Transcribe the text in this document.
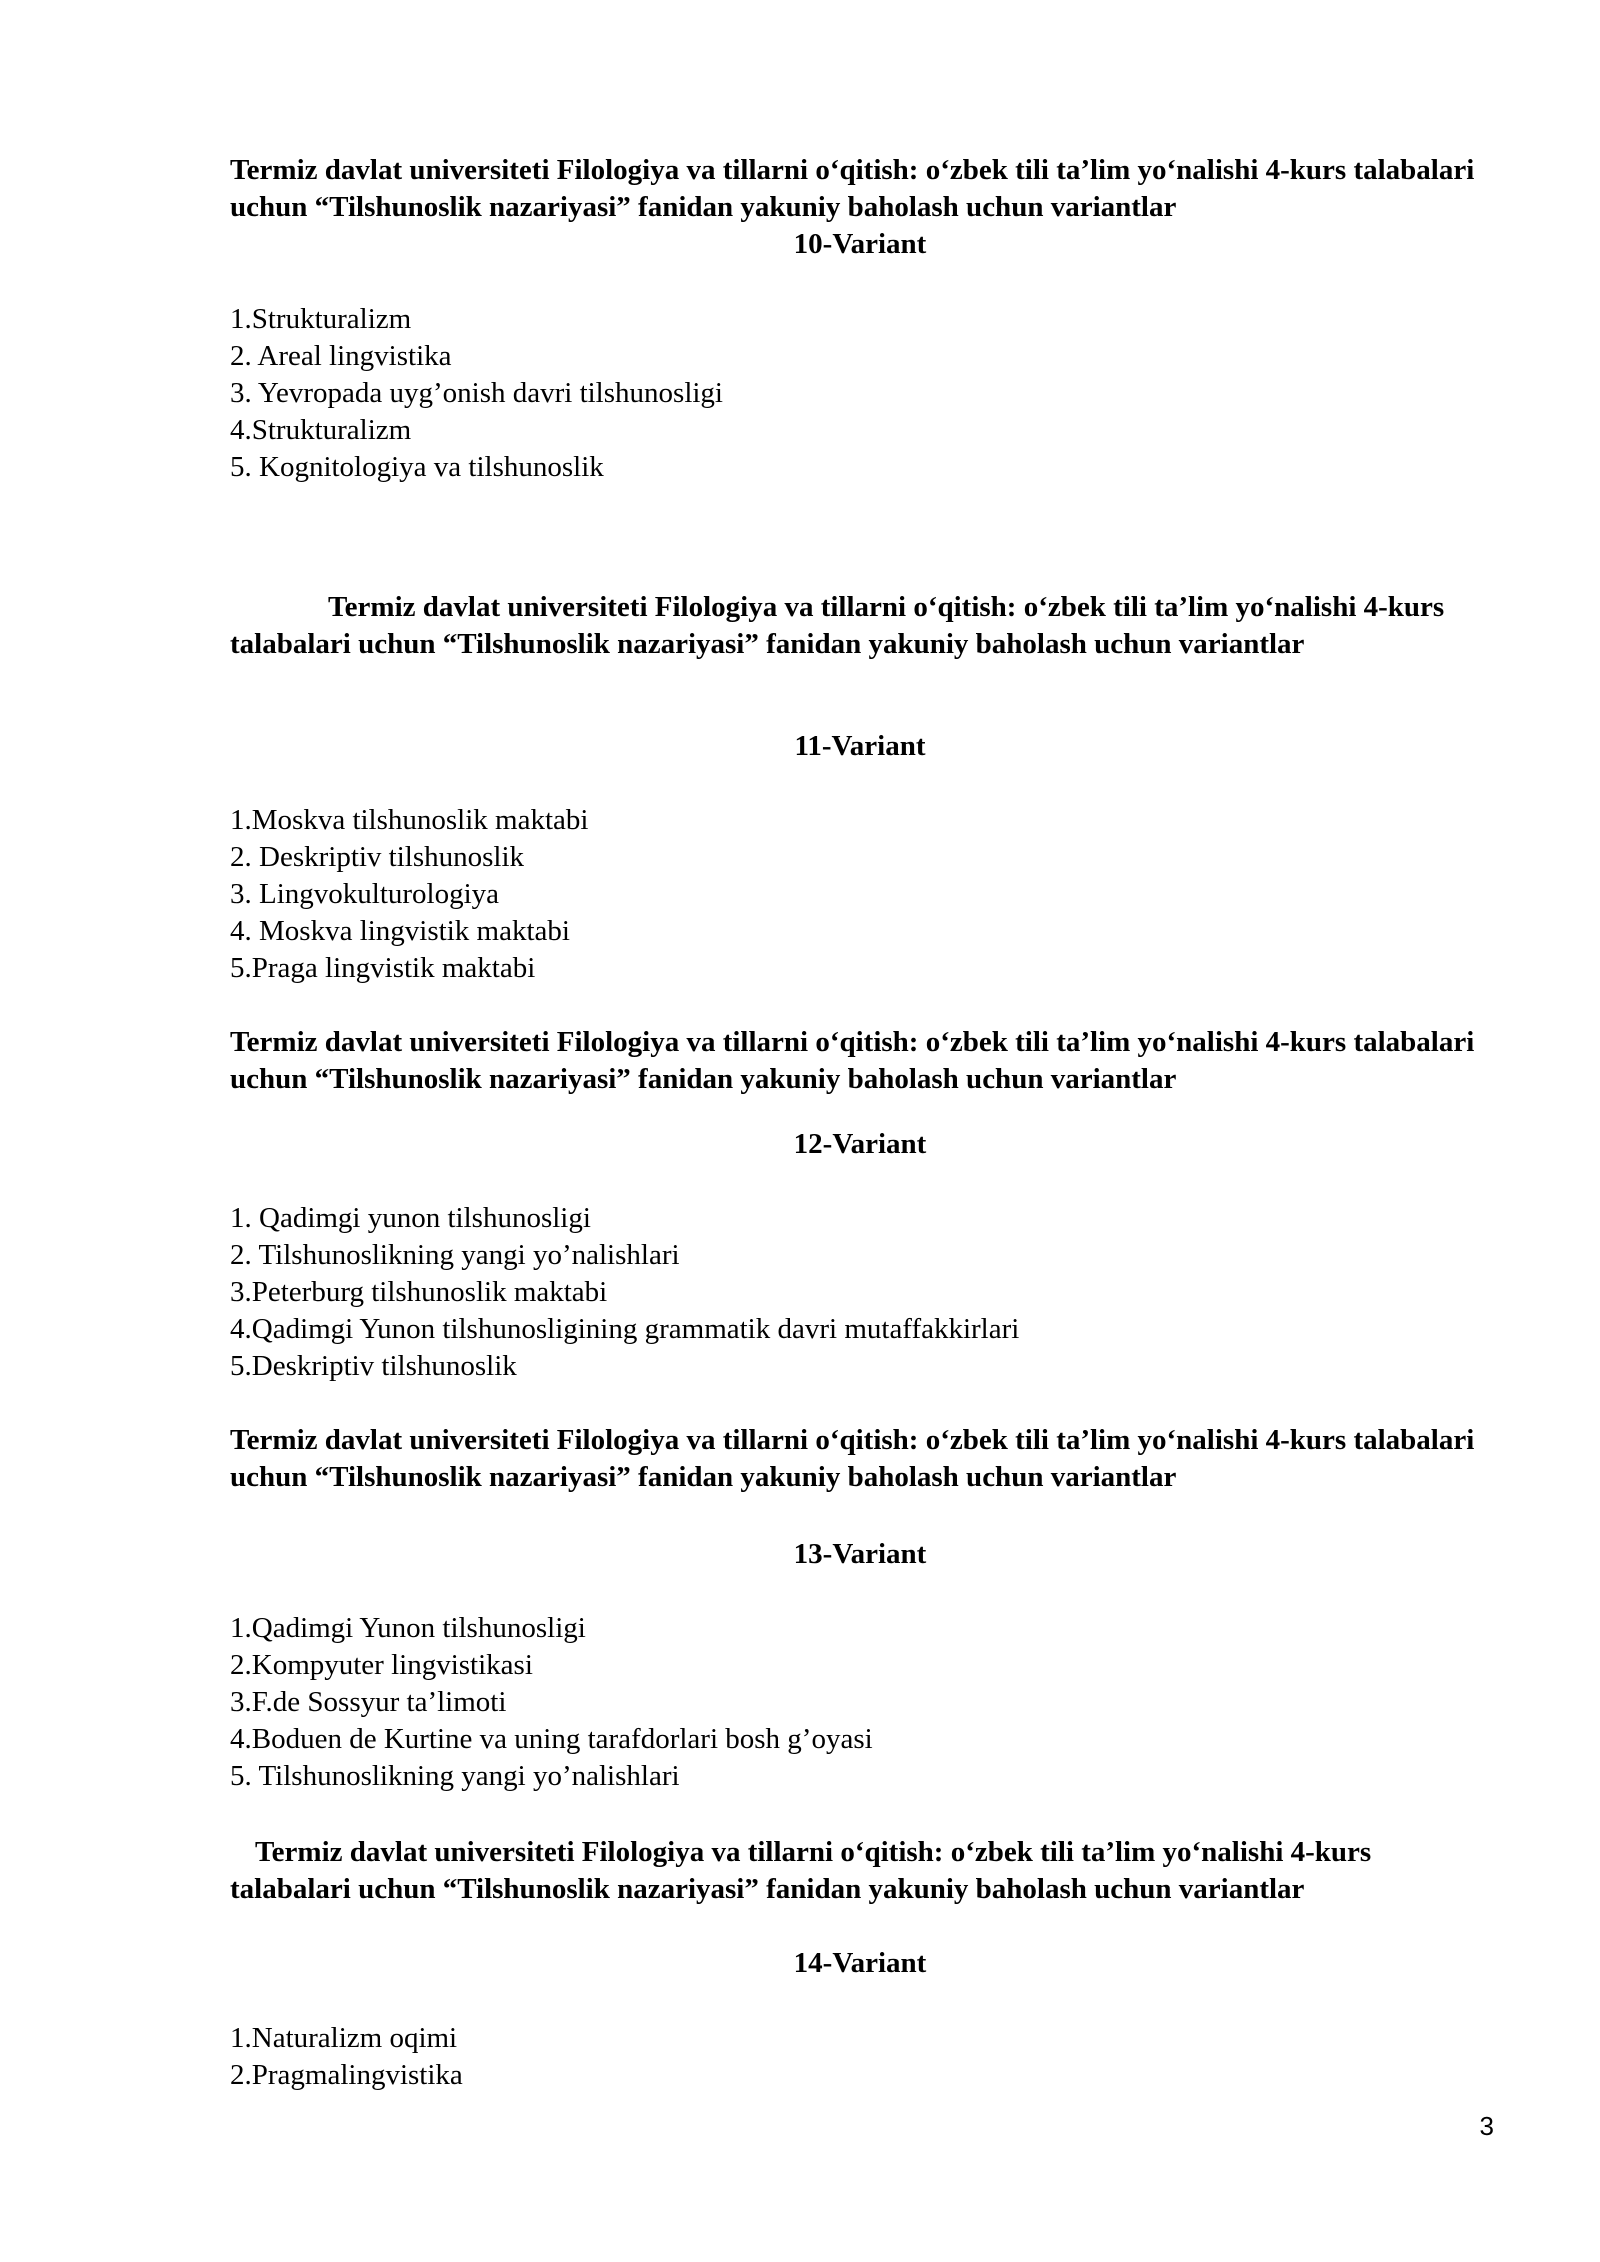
Termiz davlat universiteti Filologiya va tillarni o‘qitish: o‘zbek tili ta’lim yo‘nalishi 4-kurs talabalari uchun “Tilshunoslik nazariyasi” fanidan yakuniy baholash uchun variantlar

10-Variant

1.Strukturalizm
2. Areal lingvistika
3. Yevropada uyg’onish davri tilshunosligi
4.Strukturalizm
5. Kognitologiya va tilshunoslik

Termiz davlat universiteti Filologiya va tillarni o‘qitish: o‘zbek tili ta’lim yo‘nalishi 4-kurs talabalari uchun “Tilshunoslik nazariyasi” fanidan yakuniy baholash uchun variantlar

11-Variant

1.Moskva tilshunoslik maktabi
2. Deskriptiv tilshunoslik
3. Lingvokulturologiya
4. Moskva lingvistik maktabi
5.Praga lingvistik maktabi

Termiz davlat universiteti Filologiya va tillarni o‘qitish: o‘zbek tili ta’lim yo‘nalishi 4-kurs talabalari uchun “Tilshunoslik nazariyasi” fanidan yakuniy baholash uchun variantlar

12-Variant

1. Qadimgi yunon tilshunosligi
2. Tilshunoslikning yangi yo’nalishlari
3.Peterburg tilshunoslik maktabi
4.Qadimgi Yunon tilshunosligining grammatik davri mutaffakkirlari
5.Deskriptiv tilshunoslik

Termiz davlat universiteti Filologiya va tillarni o‘qitish: o‘zbek tili ta’lim yo‘nalishi 4-kurs talabalari uchun “Tilshunoslik nazariyasi” fanidan yakuniy baholash uchun variantlar

13-Variant

1.Qadimgi Yunon tilshunosligi
2.Kompyuter lingvistikasi
3.F.de Sossyur ta’limoti
4.Boduen de Kurtine va uning tarafdorlari bosh g’oyasi
5. Tilshunoslikning yangi yo’nalishlari

Termiz davlat universiteti Filologiya va tillarni o‘qitish: o‘zbek tili ta’lim yo‘nalishi 4-kurs talabalari uchun “Tilshunoslik nazariyasi” fanidan yakuniy baholash uchun variantlar

14-Variant

1.Naturalizm oqimi
2.Pragmalingvistika
3
